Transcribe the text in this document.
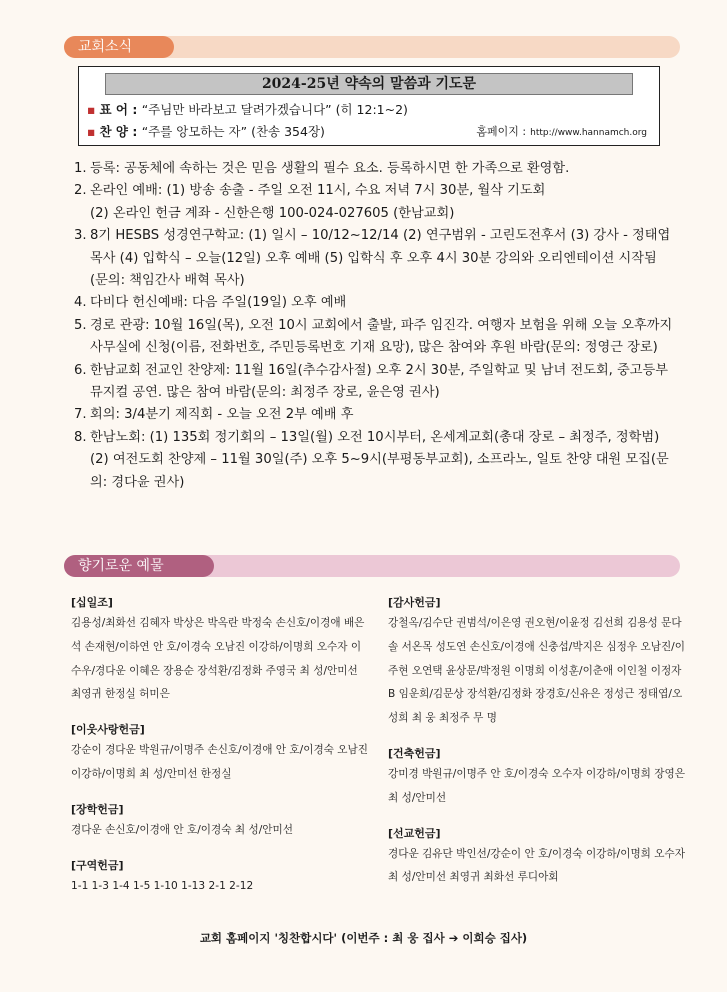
교회소식
2024-25년 약속의 말씀과 기도문
▪ 표 어 : “주님만 바라보고 달려가겠습니다” (히 12:1~2)
▪ 찬 양 : “주를 앙모하는 자” (찬송 354장)	홈페이지 : http://www.hannamch.org
1. 등록: 공동체에 속하는 것은 믿음 생활의 필수 요소. 등록하시면 한 가족으로 환영함.
2. 온라인 예배: (1) 방송 송출 - 주일 오전 11시, 수요 저녁 7시 30분, 월삭 기도회
(2) 온라인 헌금 계좌 - 신한은행 100-024-027605 (한남교회)
3. 8기 HESBS 성경연구학교: (1) 일시 – 10/12~12/14 (2) 연구범위 - 고린도전후서 (3) 강사 - 정태엽 목사 (4) 입학식 – 오늘(12일) 오후 예배 (5) 입학식 후 오후 4시 30분 강의와 오리엔테이션 시작됨(문의: 책임간사 배혁 목사)
4. 다비다 헌신예배: 다음 주일(19일) 오후 예배
5. 경로 관광: 10월 16일(목), 오전 10시 교회에서 출발, 파주 임진각. 여행자 보험을 위해 오늘 오후까지 사무실에 신청(이름, 전화번호, 주민등록번호 기재 요망), 많은 참여와 후원 바람(문의: 정영근 장로)
6. 한남교회 전교인 찬양제: 11월 16일(추수감사절) 오후 2시 30분, 주일학교 및 남녀 전도회, 중고등부 뮤지컬 공연. 많은 참여 바람(문의: 최정주 장로, 윤은영 권사)
7. 회의: 3/4분기 제직회 - 오늘 오전 2부 예배 후
8. 한남노회: (1) 135회 정기회의 – 13일(월) 오전 10시부터, 온세계교회(총대 장로 – 최정주, 정학범) (2) 여전도회 찬양제 – 11월 30일(주) 오후 5~9시(부평동부교회), 소프라노, 일토 찬양 대원 모집(문의: 경다윤 권사)
향기로운 예물
[십일조]
김용성/최화선 김혜자 박상은 박옥란 박정숙 손신호/이경애 배은석 손재현/이하연 안 호/이경숙 오남진 이강하/이명희 오수자 이수우/경다운 이혜은 장용순 장석환/김정화 주영국 최 성/안미선 최영귀 한정실 허미은
[이웃사랑헌금]
강순이 경다운 박원규/이명주 손신호/이경애 안 호/이경숙 오남진 이강하/이명희 최 성/안미선 한정실
[장학헌금]
경다운 손신호/이경애 안 호/이경숙 최 성/안미선
[구역헌금]
1-1 1-3 1-4 1-5 1-10 1-13 2-1 2-12
[감사헌금]
강철옥/김수단 권범석/이은영 권오현/이윤정 김선희 김용성 문다솔 서온목 성도연 손신호/이경애 신충섭/박지은 심정우 오남진/이주현 오연택 윤상문/박정원 이명희 이성훈/이춘애 이인철 이정자B 임운희/김문상 장석환/김정화 장경호/신유은 정성근 정태엽/오성희 최 웅 최정주 무 명
[건축헌금]
강미경 박원규/이명주 안 호/이경숙 오수자 이강하/이명희 장영은 최 성/안미선
[선교헌금]
경다운 김유단 박인선/강순이 안 호/이경숙 이강하/이명희 오수자 최 성/안미선 최영귀 최화선 루디아회
교회 홈페이지 '칭찬합시다' (이번주 : 최 웅 집사 ➔ 이희승 집사)
